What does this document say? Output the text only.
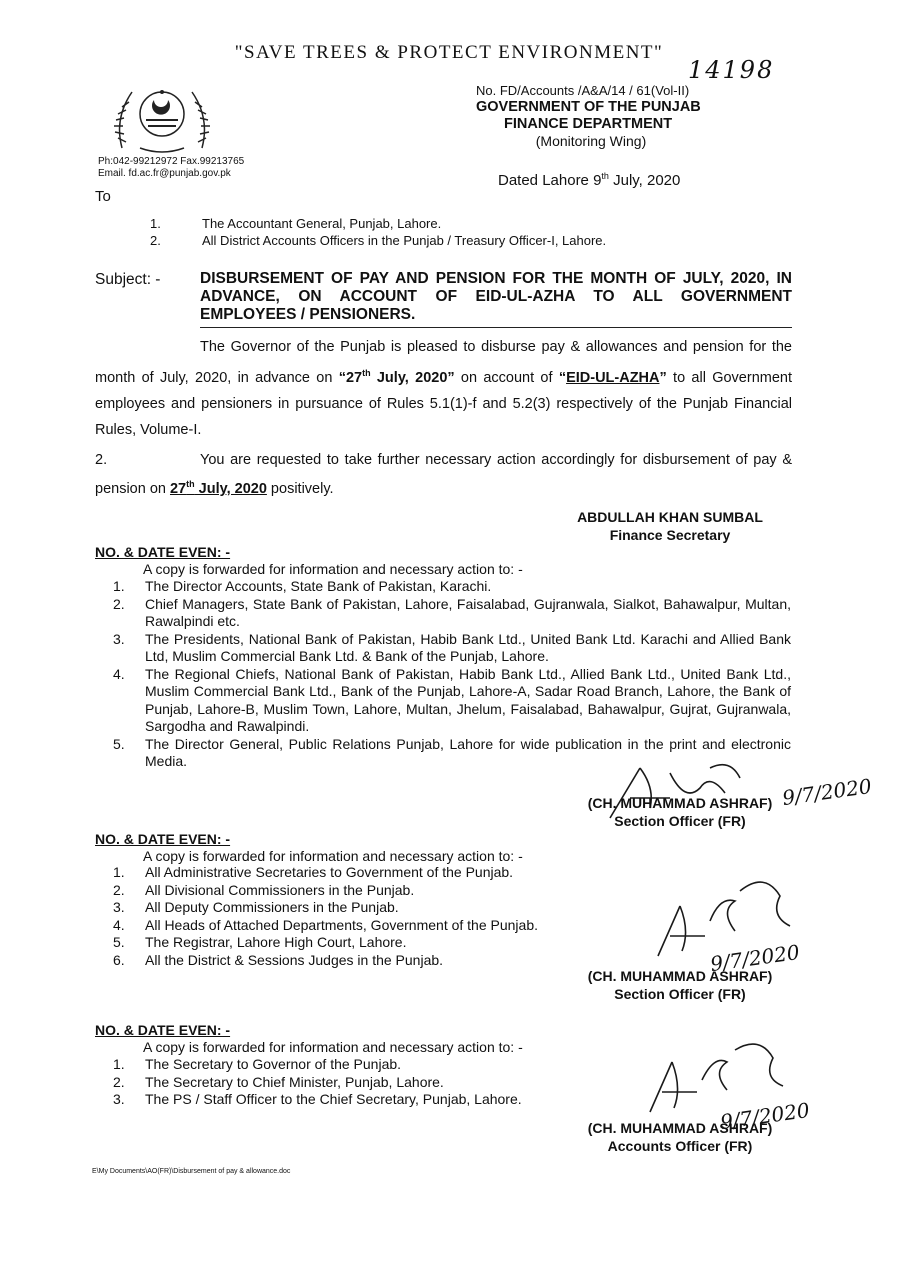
"SAVE TREES & PROTECT ENVIRONMENT"
14198
Ph:042-99212972 Fax.99213765
Email. fd.ac.fr@punjab.gov.pk
No. FD/Accounts /A&A/14 / 61(Vol-II)
GOVERNMENT OF THE PUNJAB
FINANCE DEPARTMENT
(Monitoring Wing)
Dated Lahore 9th July, 2020
To
1.	The Accountant General, Punjab, Lahore.
2.	All District Accounts Officers in the Punjab / Treasury Officer-I, Lahore.
Subject: -	DISBURSEMENT OF PAY AND PENSION FOR THE MONTH OF JULY, 2020, IN ADVANCE, ON ACCOUNT OF EID-UL-AZHA TO ALL GOVERNMENT EMPLOYEES / PENSIONERS.
The Governor of the Punjab is pleased to disburse pay & allowances and pension for the month of July, 2020, in advance on “27th July, 2020” on account of “EID-UL-AZHA” to all Government employees and pensioners in pursuance of Rules 5.1(1)-f and 5.2(3) respectively of the Punjab Financial Rules, Volume-I.
2.	You are requested to take further necessary action accordingly for disbursement of pay & pension on 27th July, 2020 positively.
ABDULLAH KHAN SUMBAL
Finance Secretary
NO. & DATE EVEN: -
A copy is forwarded for information and necessary action to: -
1.	The Director Accounts, State Bank of Pakistan, Karachi.
2.	Chief Managers, State Bank of Pakistan, Lahore, Faisalabad, Gujranwala, Sialkot, Bahawalpur, Multan, Rawalpindi etc.
3.	The Presidents, National Bank of Pakistan, Habib Bank Ltd., United Bank Ltd. Karachi and Allied Bank Ltd, Muslim Commercial Bank Ltd. & Bank of the Punjab, Lahore.
4.	The Regional Chiefs, National Bank of Pakistan, Habib Bank Ltd., Allied Bank Ltd., United Bank Ltd., Muslim Commercial Bank Ltd., Bank of the Punjab, Lahore-A, Sadar Road Branch, Lahore, the Bank of Punjab, Lahore-B, Muslim Town, Lahore, Multan, Jhelum, Faisalabad, Bahawalpur, Gujrat, Gujranwala, Sargodha and Rawalpindi.
5.	The Director General, Public Relations Punjab, Lahore for wide publication in the print and electronic Media.
9/7/2020
(CH. MUHAMMAD ASHRAF)
Section Officer (FR)
NO. & DATE EVEN: -
A copy is forwarded for information and necessary action to: -
1.	All Administrative Secretaries to Government of the Punjab.
2.	All Divisional Commissioners in the Punjab.
3.	All Deputy Commissioners in the Punjab.
4.	All Heads of Attached Departments, Government of the Punjab.
5.	The Registrar, Lahore High Court, Lahore.
6.	All the District & Sessions Judges in the Punjab.	9/7/2020
(CH. MUHAMMAD ASHRAF)
Section Officer (FR)
NO. & DATE EVEN: -
A copy is forwarded for information and necessary action to: -
1.	The Secretary to Governor of the Punjab.
2.	The Secretary to Chief Minister, Punjab, Lahore.
3.	The PS / Staff Officer to the Chief Secretary, Punjab, Lahore.	9/7/2020
(CH. MUHAMMAD ASHRAF)
Accounts Officer (FR)
E\My Documents\AO(FR)\Disbursement of pay & allowance.doc
